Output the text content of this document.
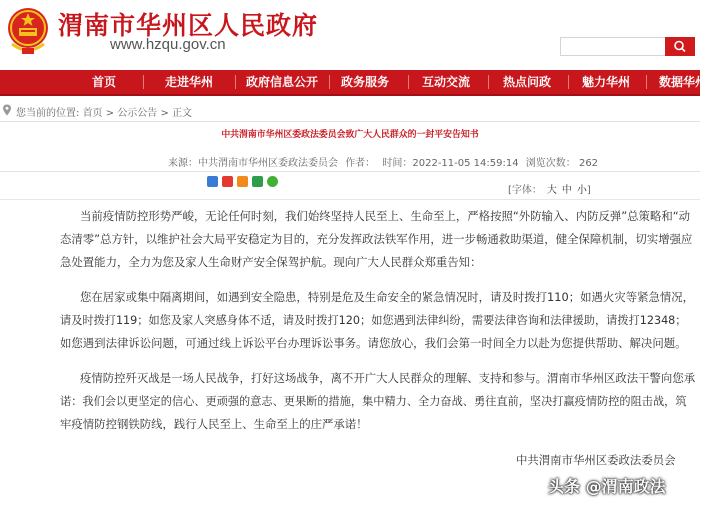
渭南市华州区人民政府
www.hzqu.gov.cn
首页	走进华州	政府信息公开	政务服务	互动交流	热点问政	魅力华州	数据华州
您当前的位置: 首页 > 公示公告 > 正文
中共渭南市华州区委政法委员会致广大人民群众的一封平安告知书
来源：中共渭南市华州区委政法委员会 作者： 时间：2022-11-05 14:59:14 浏览次数： 262
[字体： 大 中 小]
当前疫情防控形势严峻，无论任何时刻，我们始终坚持人民至上、生命至上，严格按照“外防输入、内防反弹”总策略和“动
态清零”总方针，以维护社会大局平安稳定为目的，充分发挥政法铁军作用，进一步畅通救助渠道，健全保障机制，切实增强应
急处置能力，全力为您及家人生命财产安全保驾护航。现向广大人民群众郑重告知：
您在居家或集中隔离期间，如遇到安全隐患，特别是危及生命安全的紧急情况时，请及时拨打110；如遇火灾等紧急情况，
请及时拨打119；如您及家人突感身体不适，请及时拨打120；如您遇到法律纠纷，需要法律咨询和法律援助，请拨打12348；
如您遇到法律诉讼问题，可通过线上诉讼平台办理诉讼事务。请您放心，我们会第一时间全力以赴为您提供帮助、解决问题。
疫情防控歼灭战是一场人民战争，打好这场战争，离不开广大人民群众的理解、支持和参与。渭南市华州区政法干警向您承
诺：我们会以更坚定的信心、更顽强的意志、更果断的措施，集中精力、全力奋战、勇往直前，坚决打赢疫情防控的阻击战，筑
牢疫情防控钢铁防线，践行人民至上、生命至上的庄严承诺！
中共渭南市华州区委政法委员会
头条 @渭南政法
